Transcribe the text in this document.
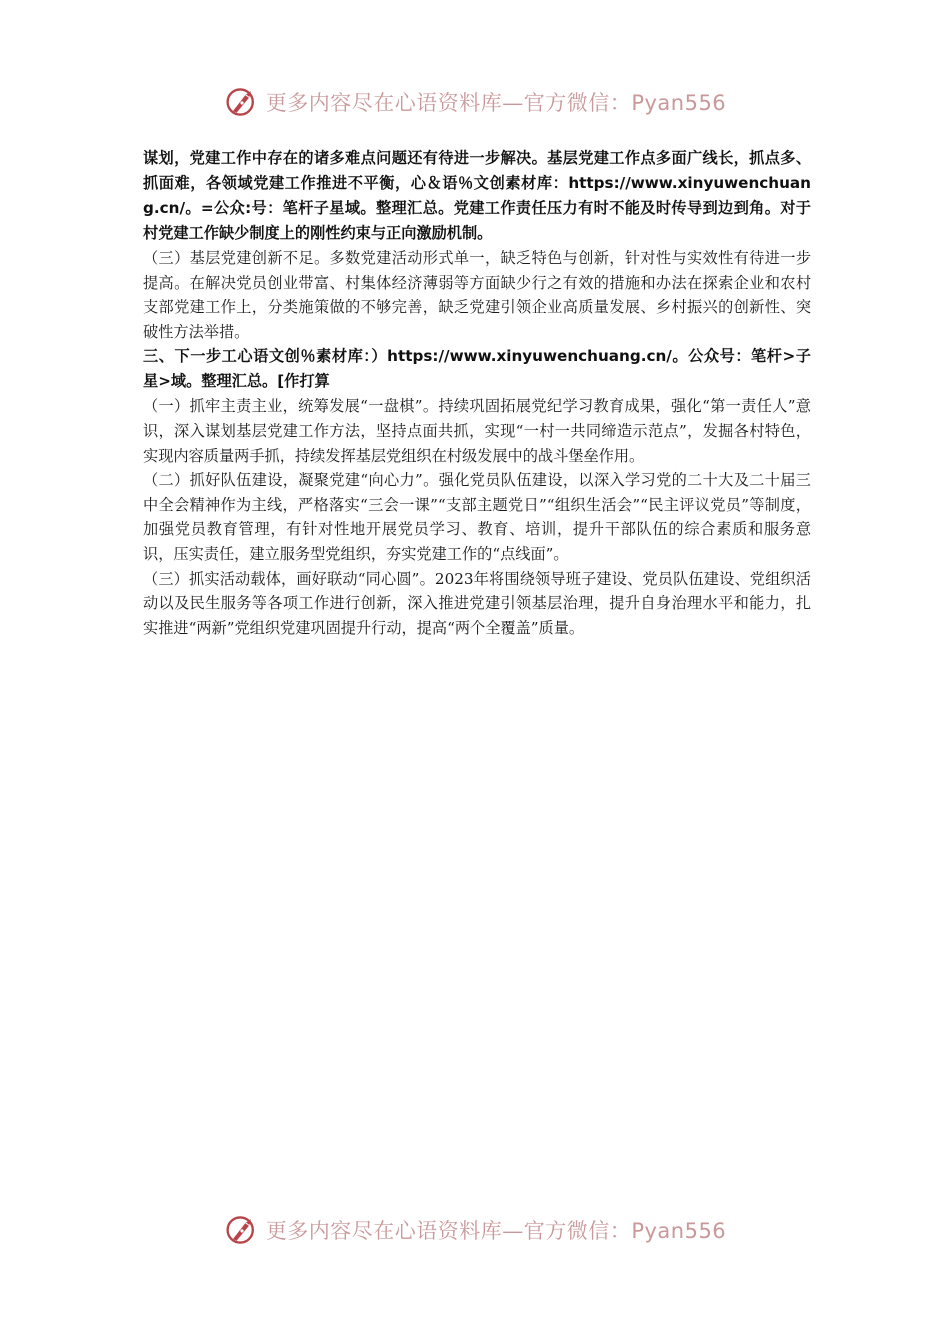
更多内容尽在心语资料库—官方微信：Pyan556

谋划，党建工作中存在的诸多难点问题还有待进一步解决。基层党建工作点多面广线长，抓点多、抓面难，各领域党建工作推进不平衡，心＆语％文创素材库：https://www.xinyuwenchuang.cn/。=公众:号：笔杆子星域。整理汇总。党建工作责任压力有时不能及时传导到边到角。对于村党建工作缺少制度上的刚性约束与正向激励机制。

（三）基层党建创新不足。多数党建活动形式单一，缺乏特色与创新，针对性与实效性有待进一步提高。在解决党员创业带富、村集体经济薄弱等方面缺少行之有效的措施和办法在探索企业和农村支部党建工作上，分类施策做的不够完善，缺乏党建引领企业高质量发展、乡村振兴的创新性、突破性方法举措。

三、下一步工心语文创％素材库：）https://www.xinyuwenchuang.cn/。公众号：笔杆>子星>域。整理汇总。[作打算

（一）抓牢主责主业，统筹发展“一盘棋”。持续巩固拓展党纪学习教育成果，强化“第一责任人”意识，深入谋划基层党建工作方法，坚持点面共抓，实现“一村一共同缔造示范点”，发掘各村特色，实现内容质量两手抓，持续发挥基层党组织在村级发展中的战斗堡垒作用。

（二）抓好队伍建设，凝聚党建“向心力”。强化党员队伍建设，以深入学习党的二十大及二十届三中全会精神作为主线，严格落实“三会一课”“支部主题党日”“组织生活会”“民主评议党员”等制度，加强党员教育管理，有针对性地开展党员学习、教育、培训，提升干部队伍的综合素质和服务意识，压实责任，建立服务型党组织，夯实党建工作的“点线面”。

（三）抓实活动载体，画好联动“同心圆”。2023年将围绕领导班子建设、党员队伍建设、党组织活动以及民生服务等各项工作进行创新，深入推进党建引领基层治理，提升自身治理水平和能力，扎实推进“两新”党组织党建巩固提升行动，提高“两个全覆盖”质量。

更多内容尽在心语资料库—官方微信：Pyan556
